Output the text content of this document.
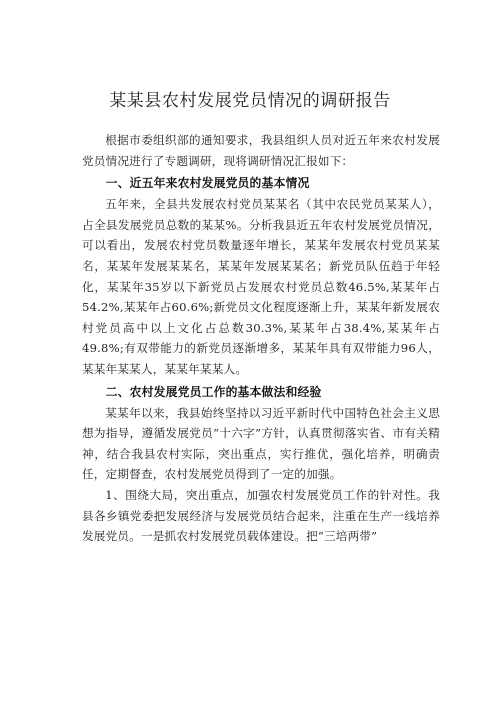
某某县农村发展党员情况的调研报告

根据市委组织部的通知要求，我县组织人员对近五年来农村发展党员情况进行了专题调研，现将调研情况汇报如下：

一、近五年来农村发展党员的基本情况

五年来，全县共发展农村党员某某名（其中农民党员某某人），占全县发展党员总数的某某%。分析我县近五年农村发展党员情况，可以看出，发展农村党员数量逐年增长，某某年发展农村党员某某名，某某年发展某某名，某某年发展某某名；新党员队伍趋于年轻化，某某年35岁以下新党员占发展农村党员总数46.5%,某某年占54.2%,某某年占60.6%;新党员文化程度逐渐上升，某某年新发展农村党员高中以上文化占总数30.3%,某某年占38.4%,某某年占49.8%;有双带能力的新党员逐渐增多，某某年具有双带能力96人，某某年某某人，某某年某某人。

二、农村发展党员工作的基本做法和经验

某某年以来，我县始终坚持以习近平新时代中国特色社会主义思想为指导，遵循发展党员“十六字”方针，认真贯彻落实省、市有关精神，结合我县农村实际，突出重点，实行推优，强化培养，明确责任，定期督查，农村发展党员得到了一定的加强。

1、围绕大局，突出重点，加强农村发展党员工作的针对性。我县各乡镇党委把发展经济与发展党员结合起来，注重在生产一线培养发展党员。一是抓农村发展党员载体建设。把“三培两带”
